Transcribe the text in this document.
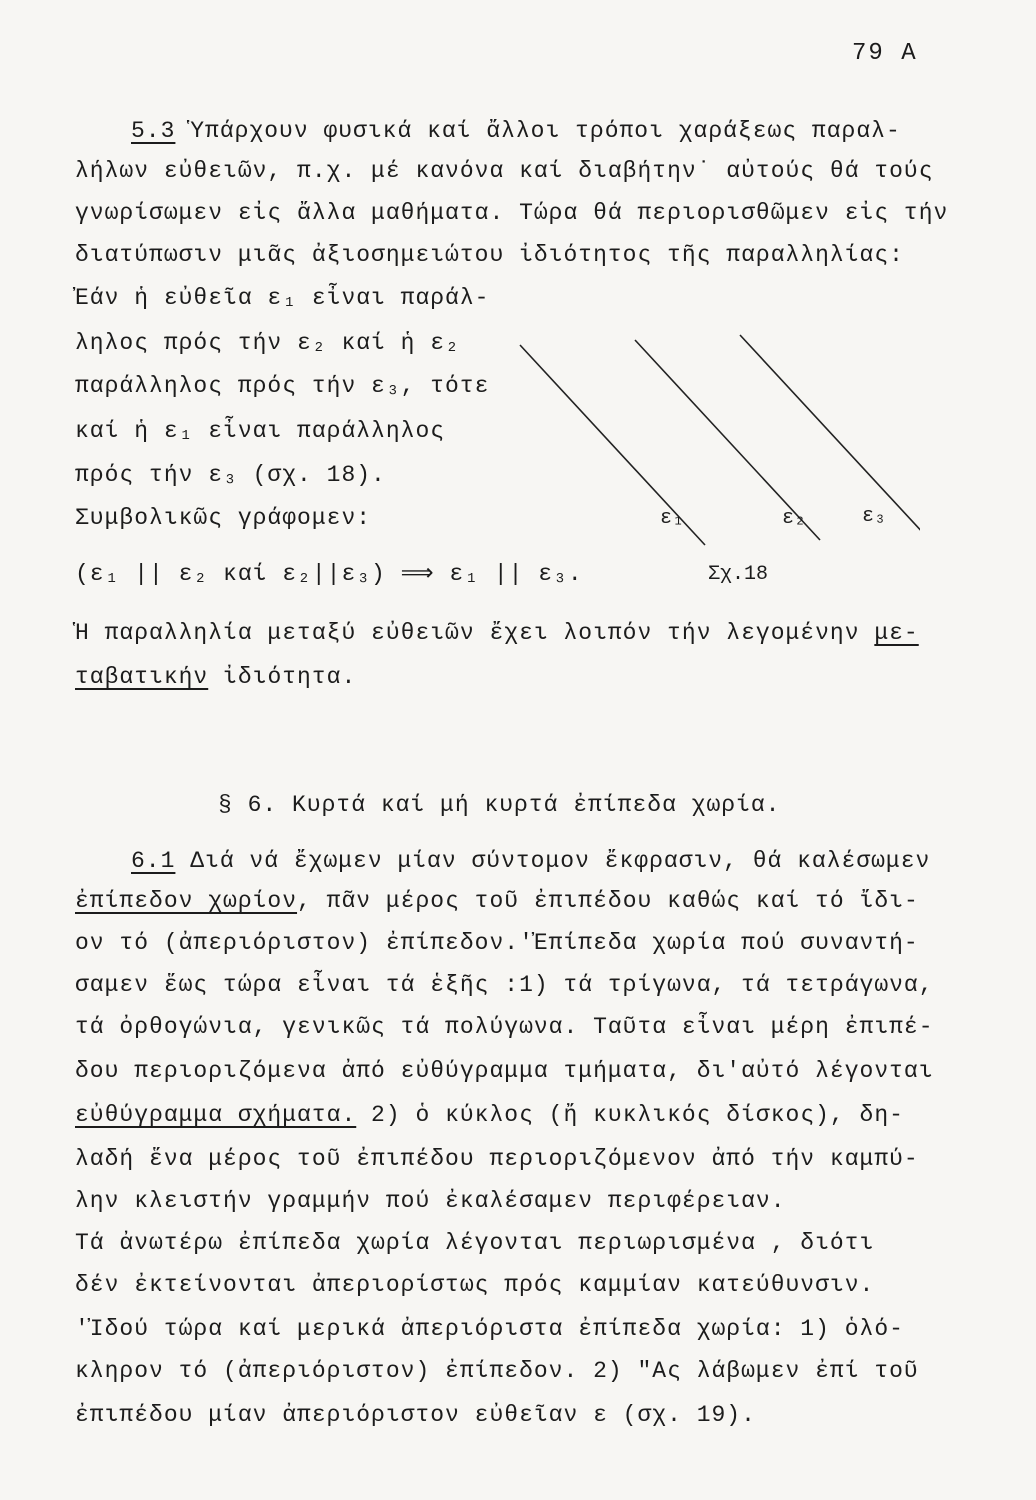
79 A
5.3 Ὑπάρχουν φυσικά καί ἄλλοι τρόποι χαράξεως παραλ-
λήλων εὐθειῶν, π.χ. μέ κανόνα καί διαβήτην˙ αὐτούς θά τούς
γνωρίσωμεν εἰς ἄλλα μαθήματα. Τώρα θά περιορισθῶμεν εἰς τήν
διατύπωσιν μιᾶς ἀξιοσημειώτου ἰδιότητος τῆς παραλληλίας:
Ἐάν ἡ εὐθεῖα ε₁ εἶναι παράλ-
ληλος πρός τήν ε₂ καί ἡ ε₂
παράλληλος πρός τήν ε₃, τότε
καί ἡ ε₁ εἶναι παράλληλος
πρός τήν ε₃ (σχ. 18).
Συμβολικῶς γράφομεν:
(ε₁ || ε₂ καί ε₂||ε₃) ⟹ ε₁ || ε₃.
Ἡ παραλληλία μεταξύ εὐθειῶν ἔχει λοιπόν τήν λεγομένην με-
ταβατικήν ἰδιότητα.
ε₁	ε₂	ε₃
Σχ.18
§ 6. Κυρτά καί μή κυρτά ἐπίπεδα χωρία.
6.1 Διά νά ἔχωμεν μίαν σύντομον ἔκφρασιν, θά καλέσωμεν
ἐπίπεδον χωρίον, πᾶν μέρος τοῦ ἐπιπέδου καθώς καί τό ἴδι-
ον τό (ἀπεριόριστον) ἐπίπεδον.'Ἐπίπεδα χωρία πού συναντή-
σαμεν ἕως τώρα εἶναι τά ἑξῆς :1) τά τρίγωνα, τά τετράγωνα,
τά ὀρθογώνια, γενικῶς τά πολύγωνα. Ταῦτα εἶναι μέρη ἐπιπέ-
δου περιοριζόμενα ἀπό εὐθύγραμμα τμήματα, δι'αὐτό λέγονται
εὐθύγραμμα σχήματα. 2) ὁ κύκλος (ἤ κυκλικός δίσκος), δη-
λαδή ἕνα μέρος τοῦ ἐπιπέδου περιοριζόμενον ἀπό τήν καμπύ-
λην κλειστήν γραμμήν πού ἐκαλέσαμεν περιφέρειαν.
Τά ἀνωτέρω ἐπίπεδα χωρία λέγονται περιωρισμένα , διότι
δέν ἐκτείνονται ἀπεριορίστως πρός καμμίαν κατεύθυνσιν.
'Ἰδού τώρα καί μερικά ἀπεριόριστα ἐπίπεδα χωρία: 1) ὁλό-
κληρον τό (ἀπεριόριστον) ἐπίπεδον. 2) "Ας λάβωμεν ἐπί τοῦ
ἐπιπέδου μίαν ἀπεριόριστον εὐθεῖαν ε (σχ. 19).
